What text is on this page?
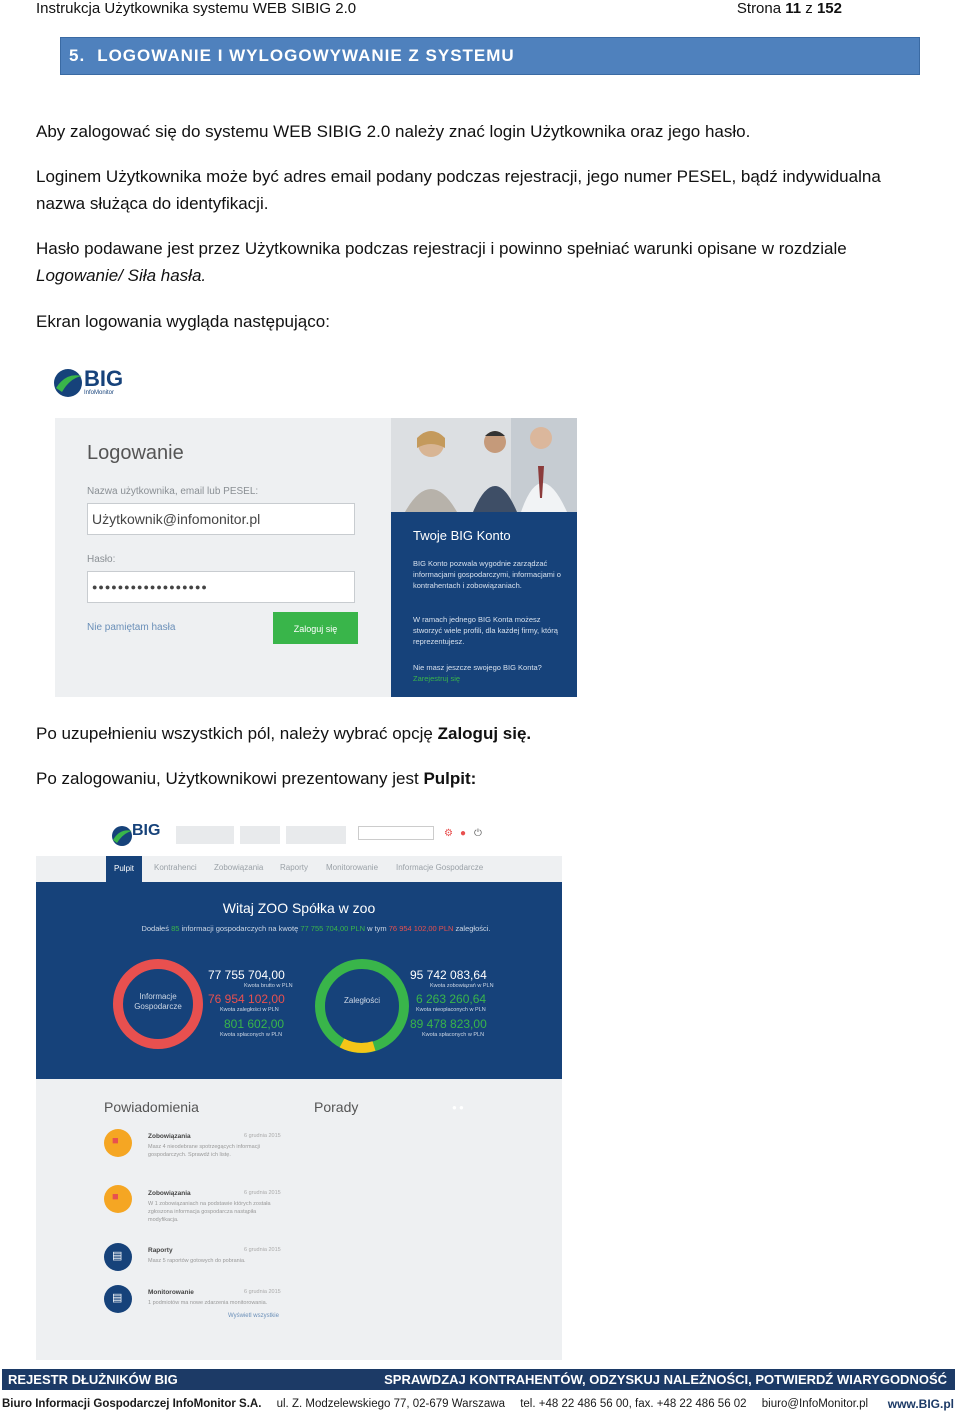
Instrukcja Użytkownika systemu WEB SIBIG 2.0	Strona 11 z 152
5. LOGOWANIE I WYLOGOWYWANIE Z SYSTEMU

Aby zalogować się do systemu WEB SIBIG 2.0 należy znać login Użytkownika oraz jego hasło.

Loginem Użytkownika może być adres email podany podczas rejestracji, jego numer PESEL, bądź indywidualna nazwa służąca do identyfikacji.

Hasło podawane jest przez Użytkownika podczas rejestracji i powinno spełniać warunki opisane w rozdziale Logowanie/ Siła hasła.

Ekran logowania wygląda następująco:

BIG
InfoMonitor
Logowanie
Nazwa użytkownika, email lub PESEL:
Użytkownik@infomonitor.pl
Hasło:
●●●●●●●●●●●●●●●●●●
Nie pamiętam hasła	Zaloguj się
Twoje BIG Konto
BIG Konto pozwala wygodnie zarządzać informacjami gospodarczymi, informacjami o kontrahentach i zobowiązaniach.
W ramach jednego BIG Konta możesz stworzyć wiele profili, dla każdej firmy, którą reprezentujesz.
Nie masz jeszcze swojego BIG Konta?
Zarejestruj się

Po uzupełnieniu wszystkich pól, należy wybrać opcję Zaloguj się.

Po zalogowaniu, Użytkownikowi prezentowany jest Pulpit:

BIG	⚙ ● ⏻
Pulpit	Kontrahenci Zobowiązania Raporty Monitorowanie Informacje Gospodarcze
Witaj ZOO Spółka w zoo
Dodałeś 85 informacji gospodarczych na kwotę 77 755 704,00 PLN w tym 76 954 102,00 PLN zaległości.
Informacje Gospodarcze
77 755 704,00
Kwota brutto w PLN
76 954 102,00
Kwota zaległości w PLN
801 602,00
Kwota spłaconych w PLN
Zaległości
95 742 083,64
Kwota zobowiązań w PLN
6 263 260,64
Kwota nieopłaconych w PLN
89 478 823,00
Kwota spłaconych w PLN
Powiadomienia	Porady	● ●
■	Zobowiązania	6 grudnia 2015
Masz 4 nieodebrane spotrzegących informacji gospodarczych. Sprawdź ich listę.
■	Zobowiązania	6 grudnia 2015
W 1 zobowiązaniach na podstawie których została zgłoszona informacja gospodarcza nastąpiła modyfikacja.
▤	Raporty	6 grudnia 2015
Masz 5 raportów gotowych do pobrania.
▤	Monitorowanie	6 grudnia 2015
1 podmiotów ma nowe zdarzenia monitorowania.
Wyświetl wszystkie
REJESTR DŁUŻNIKÓW BIG	SPRAWDZAJ KONTRAHENTÓW, ODZYSKUJ NALEŻNOŚCI, POTWIERDŹ WIARYGODNOŚĆ
Biuro Informacji Gospodarczej InfoMonitor S.A. ul. Z. Modzelewskiego 77, 02-679 Warszawa tel. +48 22 486 56 00, fax. +48 22 486 56 02 biuro@InfoMonitor.pl	www.BIG.pl
